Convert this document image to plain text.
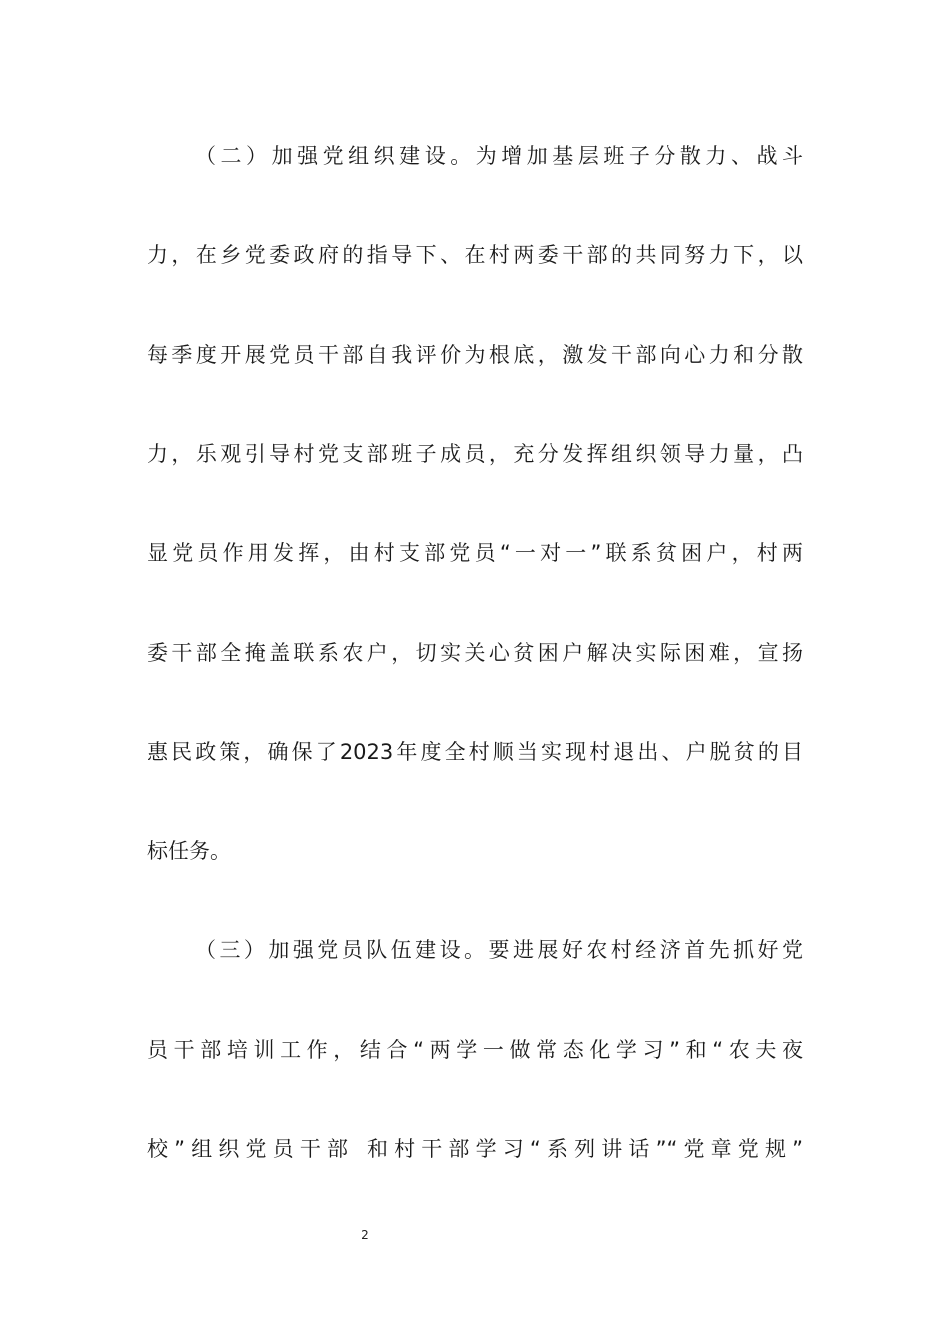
（二）加强党组织建设。为增加基层班子分散力、战斗
力，在乡党委政府的指导下、在村两委干部的共同努力下，以
每季度开展党员干部自我评价为根底，激发干部向心力和分散
力，乐观引导村党支部班子成员，充分发挥组织领导力量，凸
显党员作用发挥，由村支部党员“一对一”联系贫困户，村两
委干部全掩盖联系农户，切实关心贫困户解决实际困难，宣扬
惠民政策，确保了2023年度全村顺当实现村退出、户脱贫的目
标任务。
（三）加强党员队伍建设。要进展好农村经济首先抓好党
员干部培训工作，结合“两学一做常态化学习”和“农夫夜
校”组织党员干部 和村干部学习“系列讲话”“党章党规”
2
